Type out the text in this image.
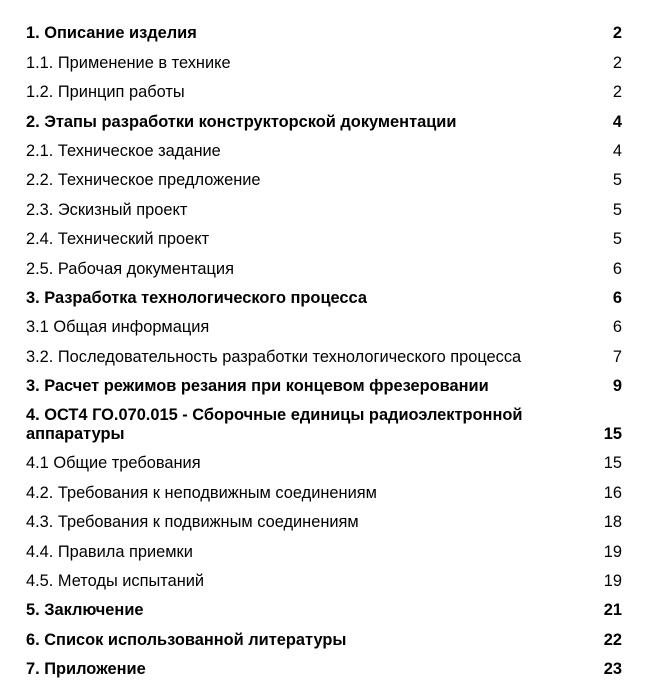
1. Описание изделия	2
1.1. Применение в технике	2
1.2. Принцип работы	2
2. Этапы разработки конструкторской документации	4
2.1. Техническое задание	4
2.2. Техническое предложение	5
2.3. Эскизный проект	5
2.4. Технический проект	5
2.5. Рабочая документация	6
3. Разработка технологического процесса	6
3.1 Общая информация	6
3.2. Последовательность разработки технологического процесса	7
3. Расчет режимов резания при концевом фрезеровании	9
4. ОСТ4 ГО.070.015 - Сборочные единицы радиоэлектронной аппаратуры	15
4.1 Общие требования	15
4.2. Требования к неподвижным соединениям	16
4.3. Требования к подвижным соединениям	18
4.4. Правила приемки	19
4.5. Методы испытаний	19
5. Заключение	21
6. Список использованной литературы	22
7. Приложение	23
